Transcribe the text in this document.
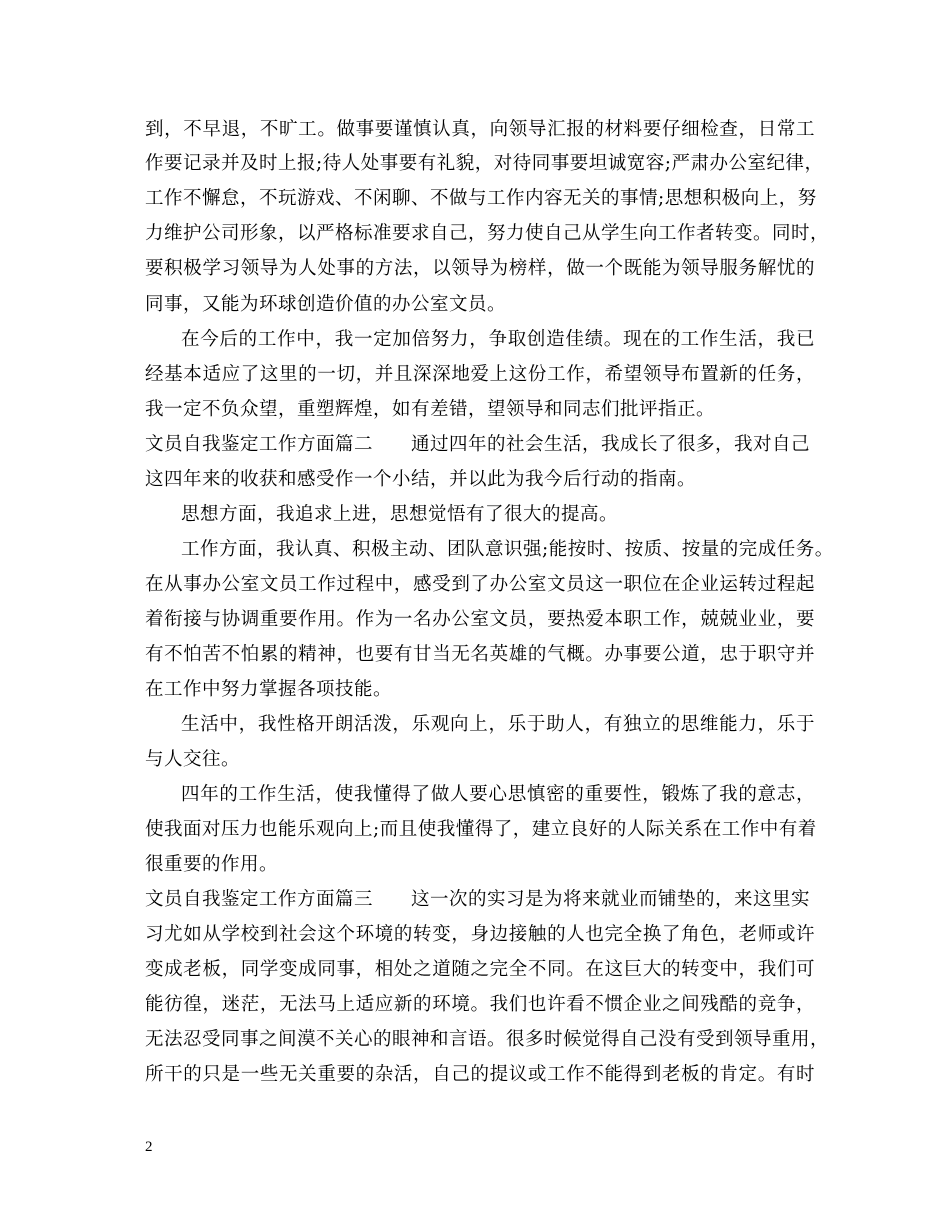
到，不早退，不旷工。做事要谨慎认真，向领导汇报的材料要仔细检查，日常工
作要记录并及时上报;待人处事要有礼貌，对待同事要坦诚宽容;严肃办公室纪律，
工作不懈怠，不玩游戏、不闲聊、不做与工作内容无关的事情;思想积极向上，努
力维护公司形象，以严格标准要求自己，努力使自己从学生向工作者转变。同时，
要积极学习领导为人处事的方法，以领导为榜样，做一个既能为领导服务解忧的
同事，又能为环球创造价值的办公室文员。
在今后的工作中，我一定加倍努力，争取创造佳绩。现在的工作生活，我已
经基本适应了这里的一切，并且深深地爱上这份工作，希望领导布置新的任务，
我一定不负众望，重塑辉煌，如有差错，望领导和同志们批评指正。
文员自我鉴定工作方面篇二 通过四年的社会生活，我成长了很多，我对自己
这四年来的收获和感受作一个小结，并以此为我今后行动的指南。
思想方面，我追求上进，思想觉悟有了很大的提高。
工作方面，我认真、积极主动、团队意识强;能按时、按质、按量的完成任务。
在从事办公室文员工作过程中，感受到了办公室文员这一职位在企业运转过程起
着衔接与协调重要作用。作为一名办公室文员，要热爱本职工作，兢兢业业，要
有不怕苦不怕累的精神，也要有甘当无名英雄的气概。办事要公道，忠于职守并
在工作中努力掌握各项技能。
生活中，我性格开朗活泼，乐观向上，乐于助人，有独立的思维能力，乐于
与人交往。
四年的工作生活，使我懂得了做人要心思慎密的重要性，锻炼了我的意志，
使我面对压力也能乐观向上;而且使我懂得了，建立良好的人际关系在工作中有着
很重要的作用。
文员自我鉴定工作方面篇三 这一次的实习是为将来就业而铺垫的，来这里实
习尤如从学校到社会这个环境的转变，身边接触的人也完全换了角色，老师或许
变成老板，同学变成同事，相处之道随之完全不同。在这巨大的转变中，我们可
能彷徨，迷茫，无法马上适应新的环境。我们也许看不惯企业之间残酷的竞争，
无法忍受同事之间漠不关心的眼神和言语。很多时候觉得自己没有受到领导重用，
所干的只是一些无关重要的杂活，自己的提议或工作不能得到老板的肯定。有时
2
